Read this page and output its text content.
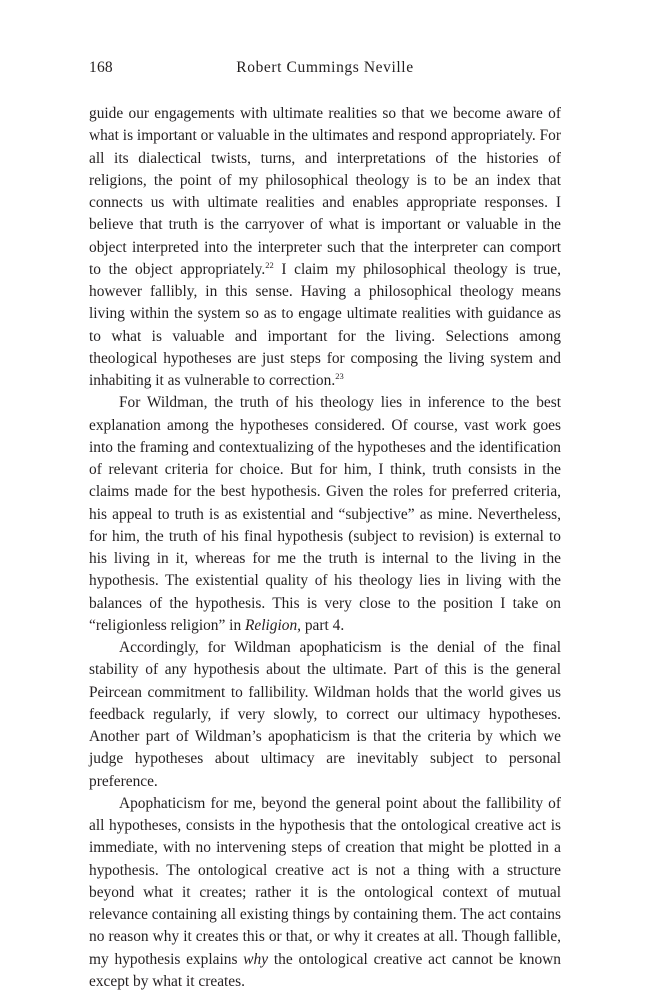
168	Robert Cummings Neville

guide our engagements with ultimate realities so that we become aware of what is important or valuable in the ultimates and respond appropriately. For all its dialectical twists, turns, and interpretations of the histories of religions, the point of my philosophical theology is to be an index that connects us with ultimate realities and enables appropriate responses. I believe that truth is the carryover of what is important or valuable in the object interpreted into the interpreter such that the interpreter can comport to the object appropriately.$^{22}$ I claim my philosophical theology is true, however fallibly, in this sense. Having a philosophical theology means living within the system so as to engage ultimate realities with guidance as to what is valuable and important for the living. Selections among theological hypotheses are just steps for composing the living system and inhabiting it as vulnerable to correction.$^{23}$

For Wildman, the truth of his theology lies in inference to the best explanation among the hypotheses considered. Of course, vast work goes into the framing and contextualizing of the hypotheses and the identification of relevant criteria for choice. But for him, I think, truth consists in the claims made for the best hypothesis. Given the roles for preferred criteria, his appeal to truth is as existential and “subjective” as mine. Nevertheless, for him, the truth of his final hypothesis (subject to revision) is external to his living in it, whereas for me the truth is internal to the living in the hypothesis. The existential quality of his theology lies in living with the balances of the hypothesis. This is very close to the position I take on “religionless religion” in Religion, part 4.

Accordingly, for Wildman apophaticism is the denial of the final stability of any hypothesis about the ultimate. Part of this is the general Peircean commitment to fallibility. Wildman holds that the world gives us feedback regularly, if very slowly, to correct our ultimacy hypotheses. Another part of Wildman’s apophaticism is that the criteria by which we judge hypotheses about ultimacy are inevitably subject to personal preference.

Apophaticism for me, beyond the general point about the fallibility of all hypotheses, consists in the hypothesis that the ontological creative act is immediate, with no intervening steps of creation that might be plotted in a hypothesis. The ontological creative act is not a thing with a structure beyond what it creates; rather it is the ontological context of mutual relevance containing all existing things by containing them. The act contains no reason why it creates this or that, or why it creates at all. Though fallible, my hypothesis explains why the ontological creative act cannot be known except by what it creates.
